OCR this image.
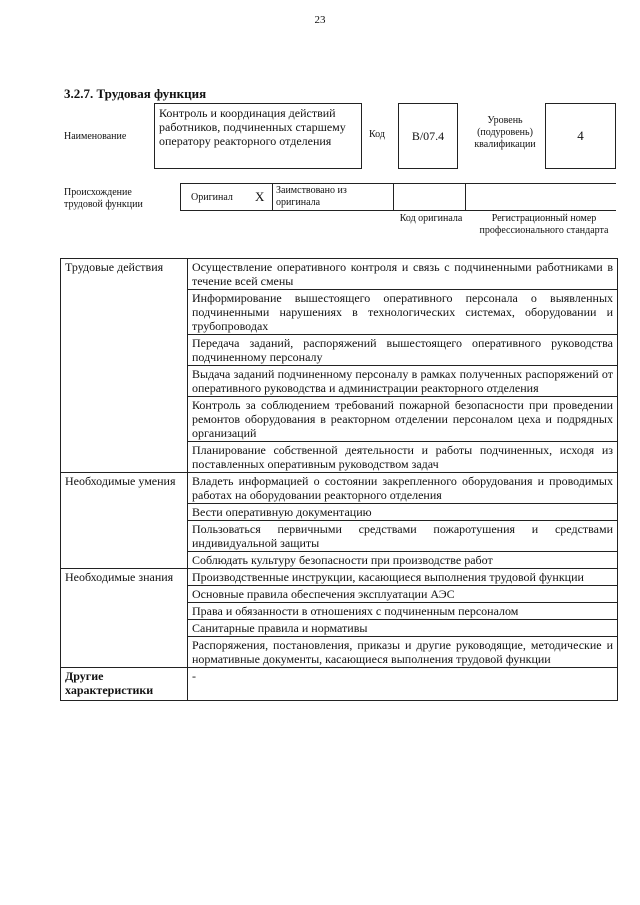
23
3.2.7. Трудовая функция
Наименование
Контроль и координация действий работников, подчиненных старшему оператору реакторного отделения	Код В/07.4
Уровень (подуровень) квалификации
4
Происхождение трудовой функции
Оригинал X Заимствовано из оригинала
Код оригинала	Регистрационный номер профессионального стандарта
Трудовые действия	Осуществление оперативного контроля и связь с подчиненными работниками в течение всей смены
	Информирование вышестоящего оперативного персонала о выявленных подчиненными нарушениях в технологических системах, оборудовании и трубопроводах
	Передача заданий, распоряжений вышестоящего оперативного руководства подчиненному персоналу
	Выдача заданий подчиненному персоналу в рамках полученных распоряжений от оперативного руководства и администрации реакторного отделения
	Контроль за соблюдением требований пожарной безопасности при проведении ремонтов оборудования в реакторном отделении персоналом цеха и подрядных организаций
	Планирование собственной деятельности и работы подчиненных, исходя из поставленных оперативным руководством задач
Необходимые умения	Владеть информацией о состоянии закрепленного оборудования и проводимых работах на оборудовании реакторного отделения
	Вести оперативную документацию
	Пользоваться первичными средствами пожаротушения и средствами индивидуальной защиты
	Соблюдать культуру безопасности при производстве работ
Необходимые знания	Производственные инструкции, касающиеся выполнения трудовой функции
	Основные правила обеспечения эксплуатации АЭС
	Права и обязанности в отношениях с подчиненным персоналом
	Санитарные правила и нормативы
	Распоряжения, постановления, приказы и другие руководящие, методические и нормативные документы, касающиеся выполнения трудовой функции
Другие характеристики	-
